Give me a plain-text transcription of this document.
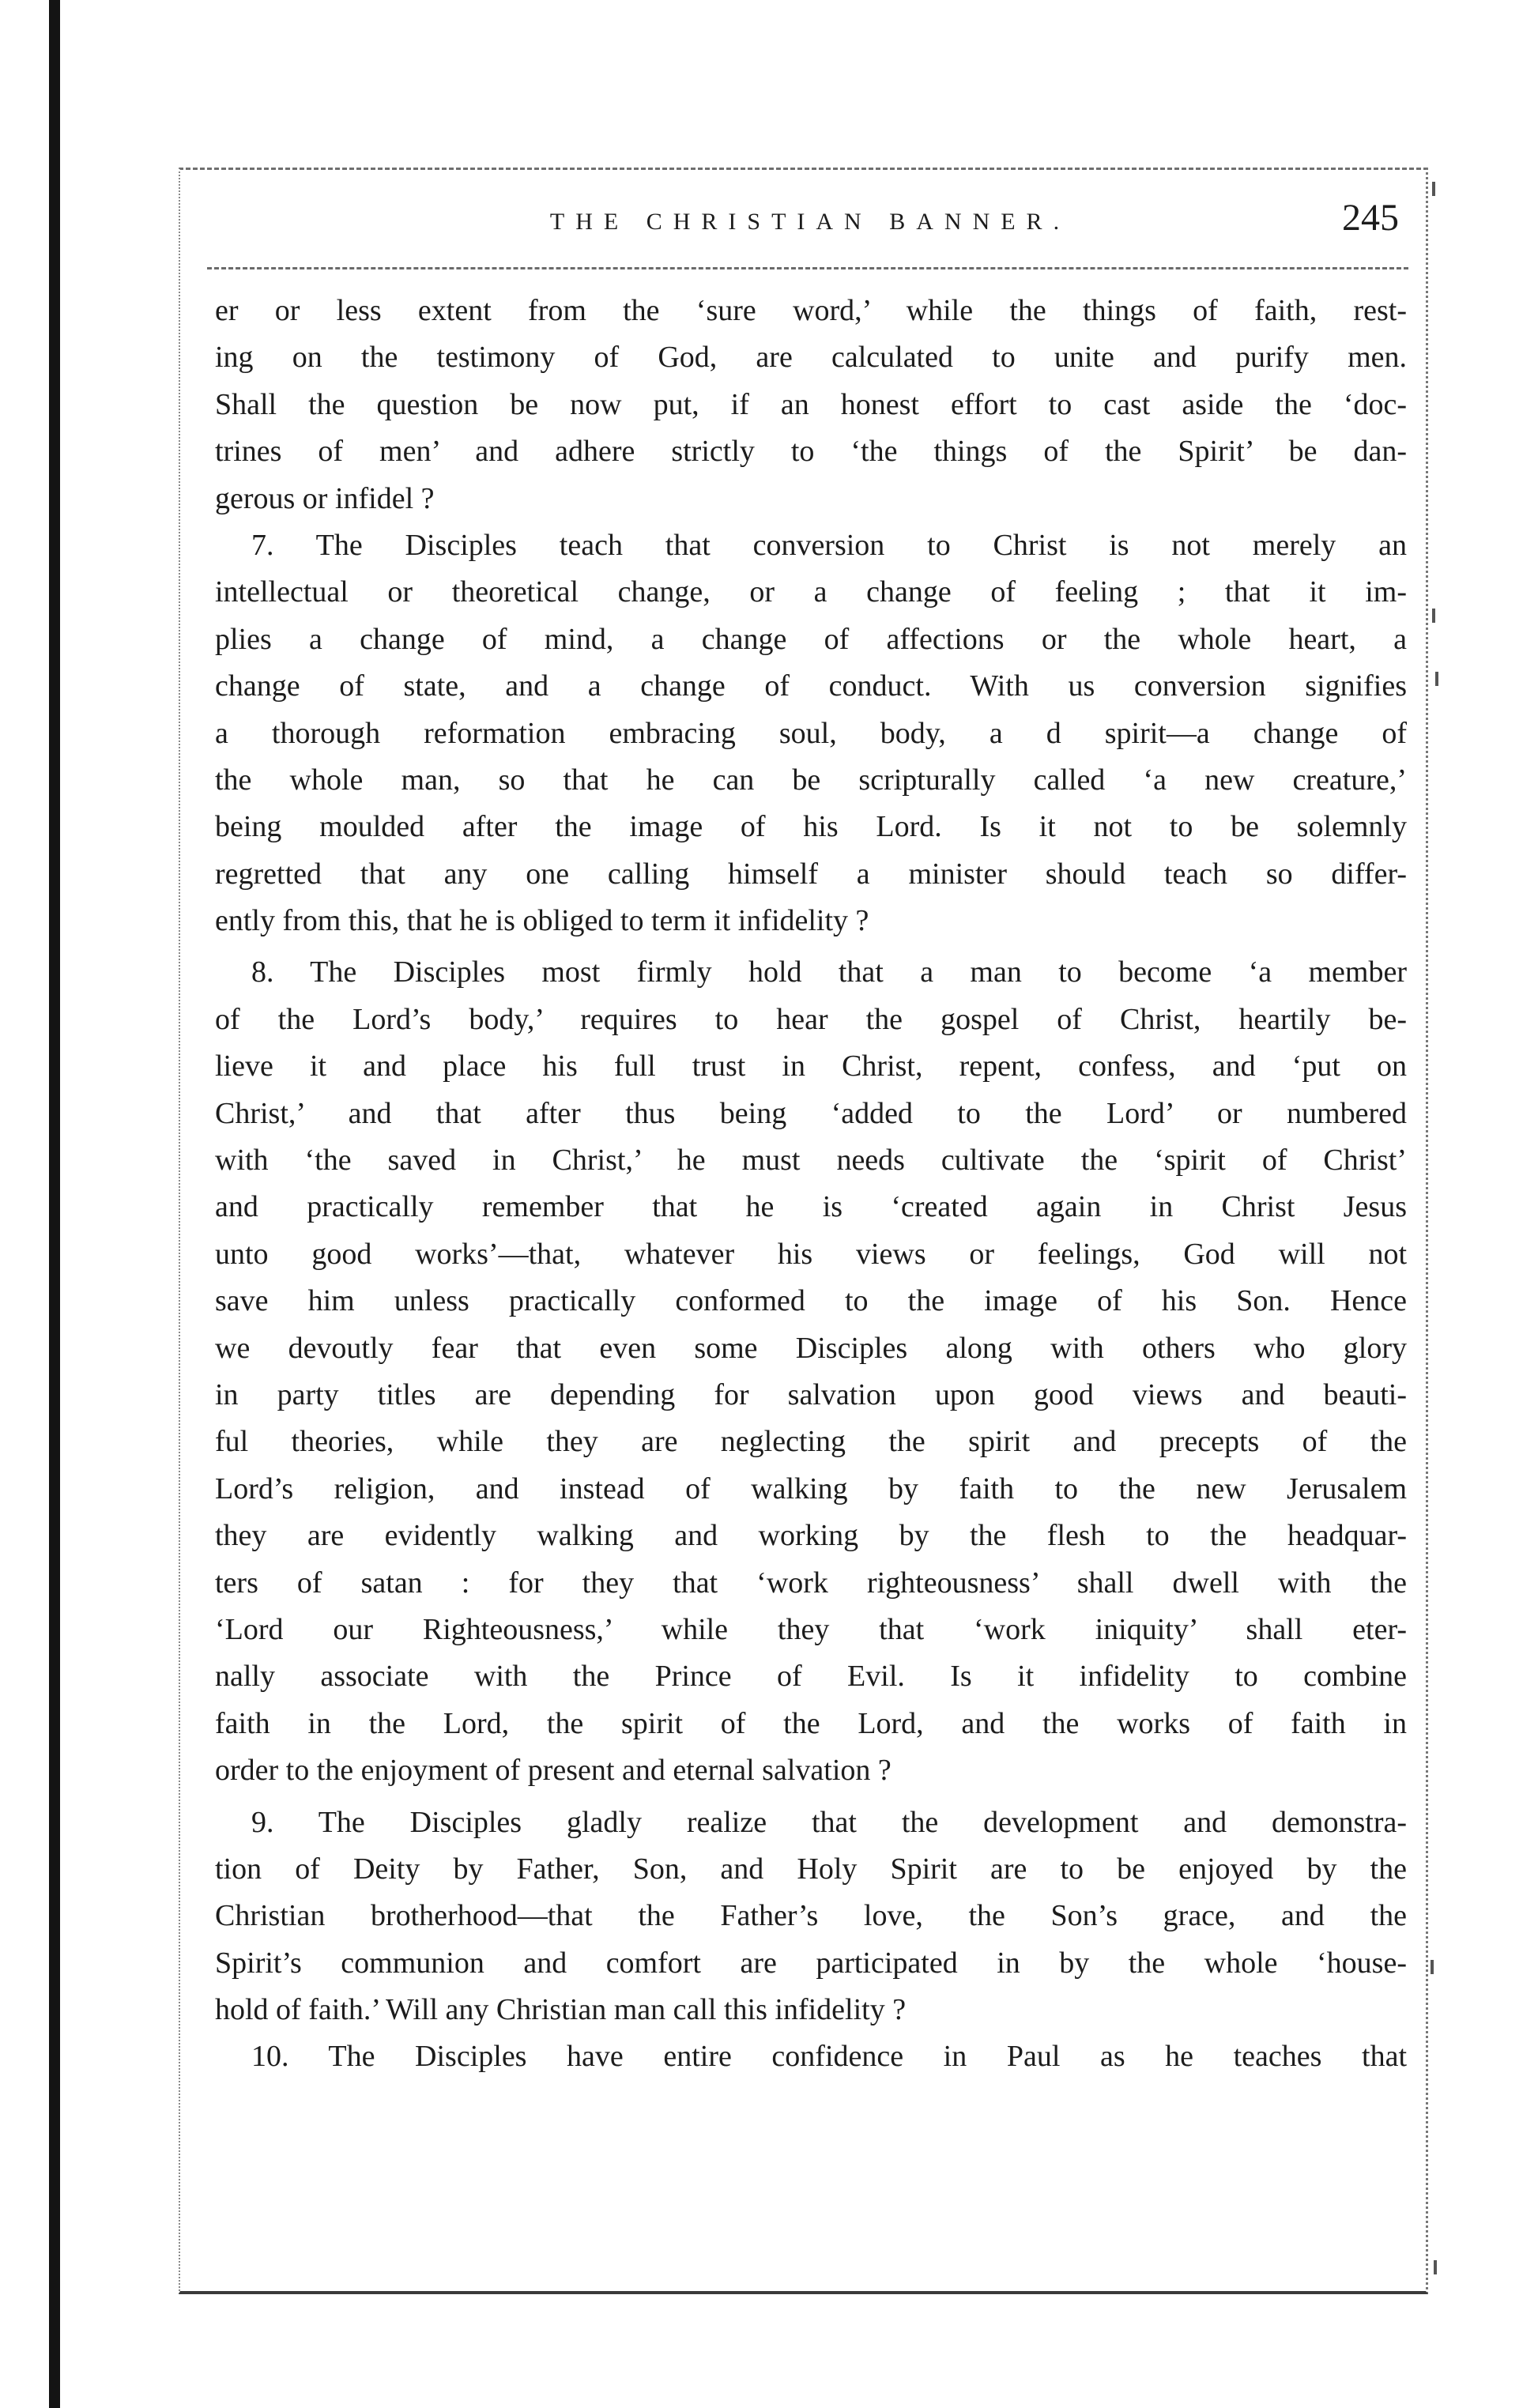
THE CHRISTIAN BANNER.	245
er or less extent from the ‘sure word,’ while the things of faith, rest-
ing on the testimony of God, are calculated to unite and purify men.
Shall the question be now put, if an honest effort to cast aside the ‘doc-
trines of men’ and adhere strictly to ‘the things of the Spirit’ be dan-
gerous or infidel ?
7. The Disciples teach that conversion to Christ is not merely an
intellectual or theoretical change, or a change of feeling ; that it im-
plies a change of mind, a change of affections or the whole heart, a
change of state, and a change of conduct. With us conversion signifies
a thorough reformation embracing soul, body, a d spirit—a change of
the whole man, so that he can be scripturally called ‘a new creature,’
being moulded after the image of his Lord. Is it not to be solemnly
regretted that any one calling himself a minister should teach so differ-
ently from this, that he is obliged to term it infidelity ?
8. The Disciples most firmly hold that a man to become ‘a member
of the Lord’s body,’ requires to hear the gospel of Christ, heartily be-
lieve it and place his full trust in Christ, repent, confess, and ‘put on
Christ,’ and that after thus being ‘added to the Lord’ or numbered
with ‘the saved in Christ,’ he must needs cultivate the ‘spirit of Christ’
and practically remember that he is ‘created again in Christ Jesus
unto good works’—that, whatever his views or feelings, God will not
save him unless practically conformed to the image of his Son. Hence
we devoutly fear that even some Disciples along with others who glory
in party titles are depending for salvation upon good views and beauti-
ful theories, while they are neglecting the spirit and precepts of the
Lord’s religion, and instead of walking by faith to the new Jerusalem
they are evidently walking and working by the flesh to the headquar-
ters of satan : for they that ‘work righteousness’ shall dwell with the
‘Lord our Righteousness,’ while they that ‘work iniquity’ shall eter-
nally associate with the Prince of Evil. Is it infidelity to combine
faith in the Lord, the spirit of the Lord, and the works of faith in
order to the enjoyment of present and eternal salvation ?
9. The Disciples gladly realize that the development and demonstra-
tion of Deity by Father, Son, and Holy Spirit are to be enjoyed by the
Christian brotherhood—that the Father’s love, the Son’s grace, and the
Spirit’s communion and comfort are participated in by the whole ‘house-
hold of faith.’ Will any Christian man call this infidelity ?
10. The Disciples have entire confidence in Paul as he teaches that
